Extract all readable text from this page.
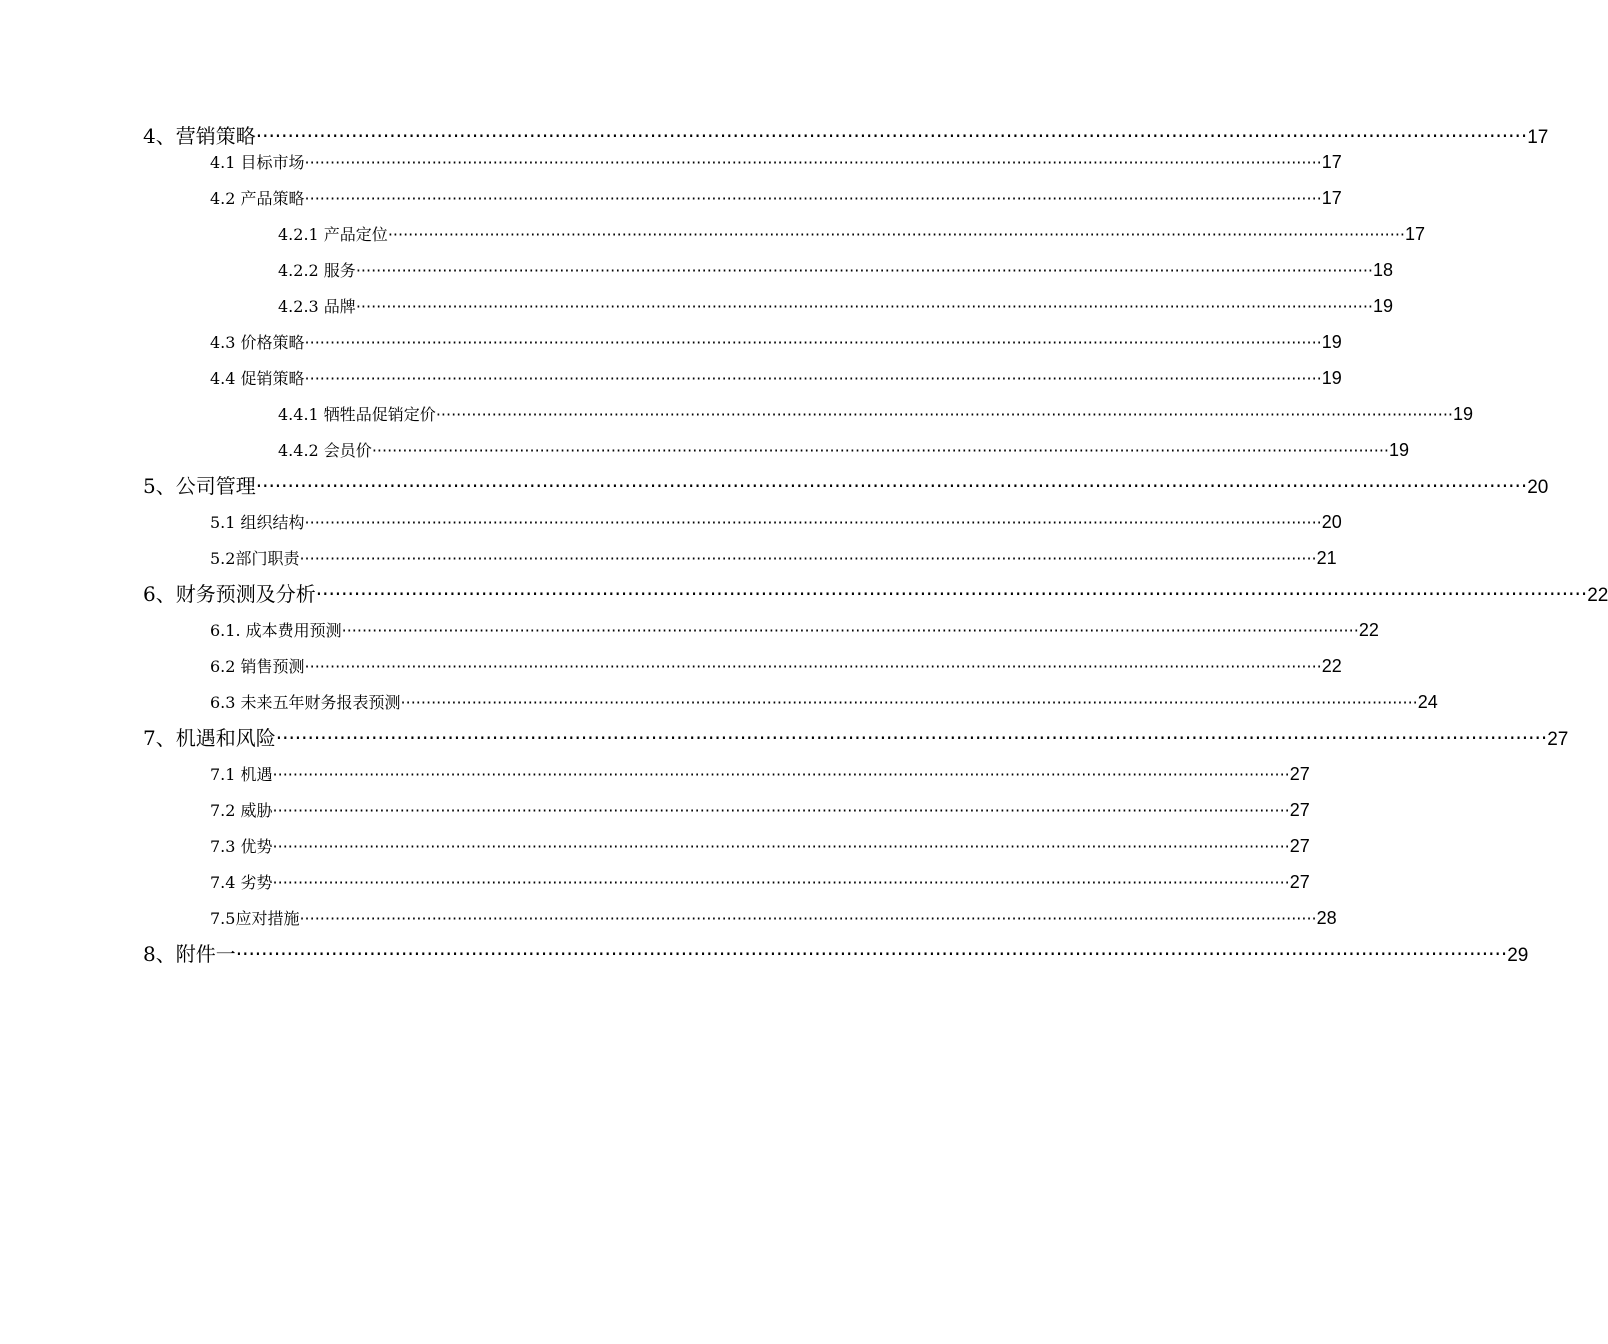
4、营销策略 ········································································································································································································ 17
4.1 目标市场 ········································································································································································································ 17
4.2 产品策略 ········································································································································································································ 17
4.2.1 产品定位 ········································································································································································································ 17
4.2.2 服务 ········································································································································································································ 18
4.2.3 品牌 ········································································································································································································ 19
4.3 价格策略 ········································································································································································································ 19
4.4 促销策略 ········································································································································································································ 19
4.4.1 牺牲品促销定价 ········································································································································································································ 19
4.4.2 会员价 ········································································································································································································ 19
5、公司管理 ········································································································································································································ 20
5.1 组织结构 ········································································································································································································ 20
5.2部门职责 ········································································································································································································ 21
6、财务预测及分析 ········································································································································································································ 22
6.1. 成本费用预测 ········································································································································································································ 22
6.2 销售预测 ········································································································································································································ 22
6.3 未来五年财务报表预测 ········································································································································································································ 24
7、机遇和风险 ········································································································································································································ 27
7.1 机遇 ········································································································································································································ 27
7.2 威胁 ········································································································································································································ 27
7.3 优势 ········································································································································································································ 27
7.4 劣势 ········································································································································································································ 27
7.5应对措施 ········································································································································································································ 28
8、附件一 ········································································································································································································ 29
